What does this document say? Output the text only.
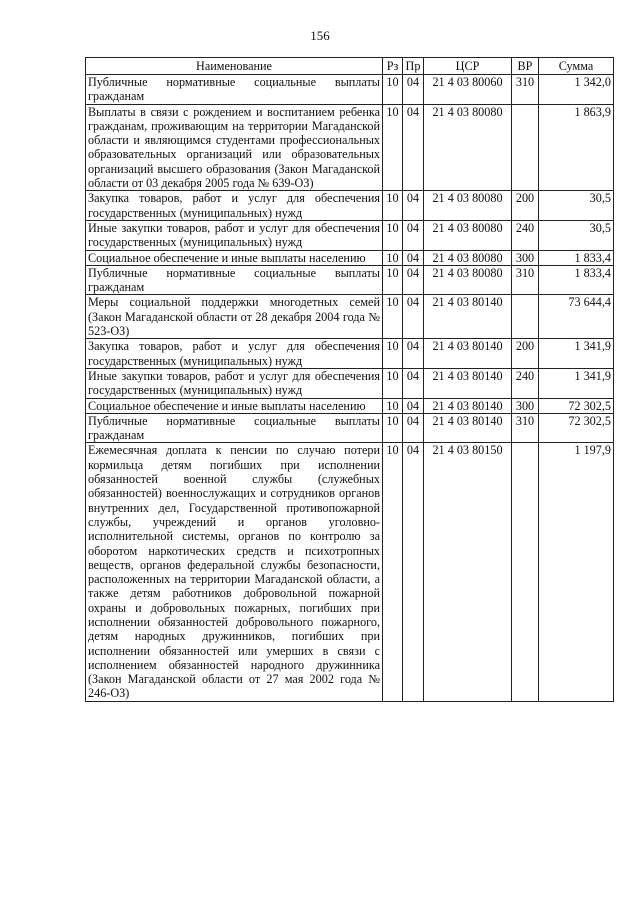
156
Наименование	Рз	Пр	ЦСР	ВР	Сумма
Публичные нормативные социальные выплаты гражданам	10	04	21 4 03 80060	310	1 342,0
Выплаты в связи с рождением и воспитанием ребенка гражданам, проживающим на территории Магаданской области и являющимся студентами профессиональных образовательных организаций или образовательных организаций высшего образования (Закон Магаданской области от 03 декабря 2005 года № 639-ОЗ)	10	04	21 4 03 80080		1 863,9
Закупка товаров, работ и услуг для обеспечения государственных (муниципальных) нужд	10	04	21 4 03 80080	200	30,5
Иные закупки товаров, работ и услуг для обеспечения государственных (муниципальных) нужд	10	04	21 4 03 80080	240	30,5
Социальное обеспечение и иные выплаты населению	10	04	21 4 03 80080	300	1 833,4
Публичные нормативные социальные выплаты гражданам	10	04	21 4 03 80080	310	1 833,4
Меры социальной поддержки многодетных семей (Закон Магаданской области от 28 декабря 2004 года № 523-ОЗ)	10	04	21 4 03 80140		73 644,4
Закупка товаров, работ и услуг для обеспечения государственных (муниципальных) нужд	10	04	21 4 03 80140	200	1 341,9
Иные закупки товаров, работ и услуг для обеспечения государственных (муниципальных) нужд	10	04	21 4 03 80140	240	1 341,9
Социальное обеспечение и иные выплаты населению	10	04	21 4 03 80140	300	72 302,5
Публичные нормативные социальные выплаты гражданам	10	04	21 4 03 80140	310	72 302,5
Ежемесячная доплата к пенсии по случаю потери кормильца детям погибших при исполнении обязанностей военной службы (служебных обязанностей) военнослужащих и сотрудников органов внутренних дел, Государственной противопожарной службы, учреждений и органов уголовно-исполнительной системы, органов по контролю за оборотом наркотических средств и психотропных веществ, органов федеральной службы безопасности, расположенных на территории Магаданской области, а также детям работников добровольной пожарной охраны и добровольных пожарных, погибших при исполнении обязанностей добровольного пожарного, детям народных дружинников, погибших при исполнении обязанностей или умерших в связи с исполнением обязанностей народного дружинника (Закон Магаданской области от 27 мая 2002 года № 246-ОЗ)	10	04	21 4 03 80150		1 197,9
